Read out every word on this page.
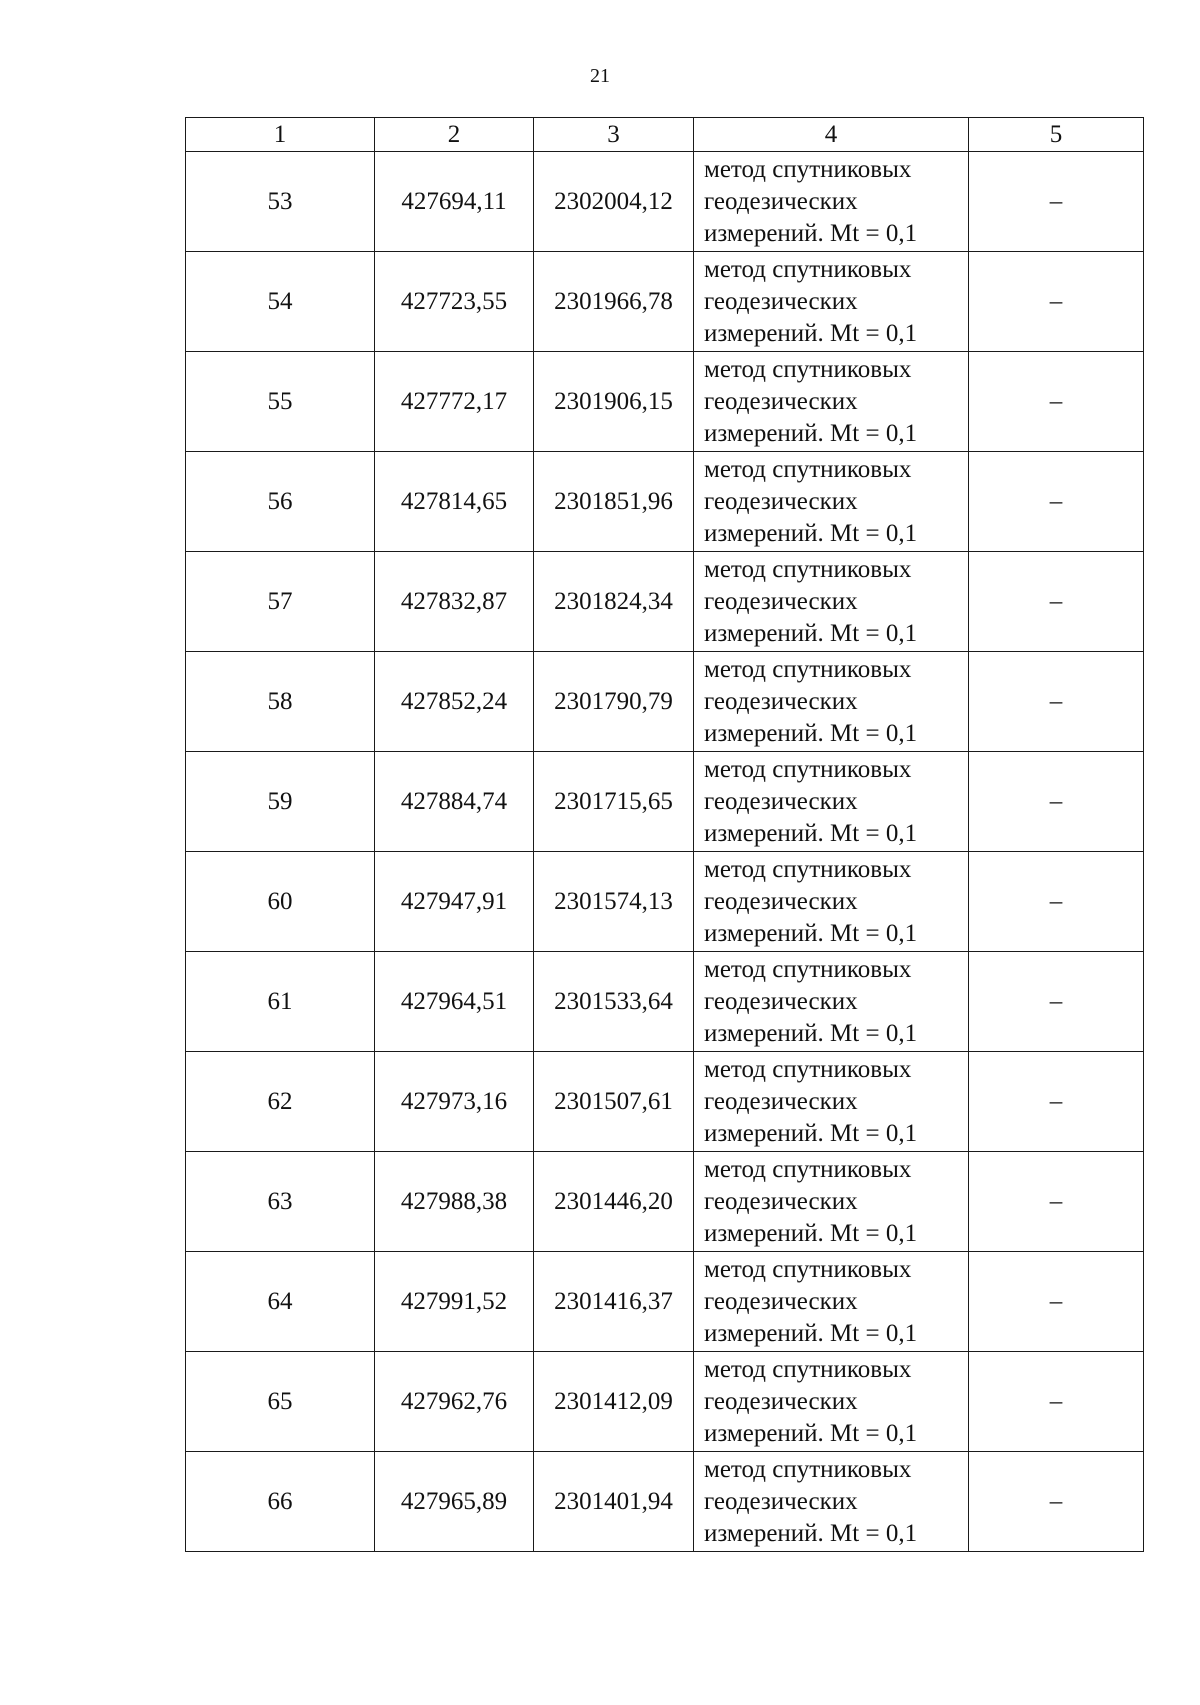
21
1	2	3	4	5
53	427694,11	2302004,12	метод спутниковых
геодезических
измерений. Mt = 0,1	–
54	427723,55	2301966,78	метод спутниковых
геодезических
измерений. Mt = 0,1	–
55	427772,17	2301906,15	метод спутниковых
геодезических
измерений. Mt = 0,1	–
56	427814,65	2301851,96	метод спутниковых
геодезических
измерений. Mt = 0,1	–
57	427832,87	2301824,34	метод спутниковых
геодезических
измерений. Mt = 0,1	–
58	427852,24	2301790,79	метод спутниковых
геодезических
измерений. Mt = 0,1	–
59	427884,74	2301715,65	метод спутниковых
геодезических
измерений. Mt = 0,1	–
60	427947,91	2301574,13	метод спутниковых
геодезических
измерений. Mt = 0,1	–
61	427964,51	2301533,64	метод спутниковых
геодезических
измерений. Mt = 0,1	–
62	427973,16	2301507,61	метод спутниковых
геодезических
измерений. Mt = 0,1	–
63	427988,38	2301446,20	метод спутниковых
геодезических
измерений. Mt = 0,1	–
64	427991,52	2301416,37	метод спутниковых
геодезических
измерений. Mt = 0,1	–
65	427962,76	2301412,09	метод спутниковых
геодезических
измерений. Mt = 0,1	–
66	427965,89	2301401,94	метод спутниковых
геодезических
измерений. Mt = 0,1	–
